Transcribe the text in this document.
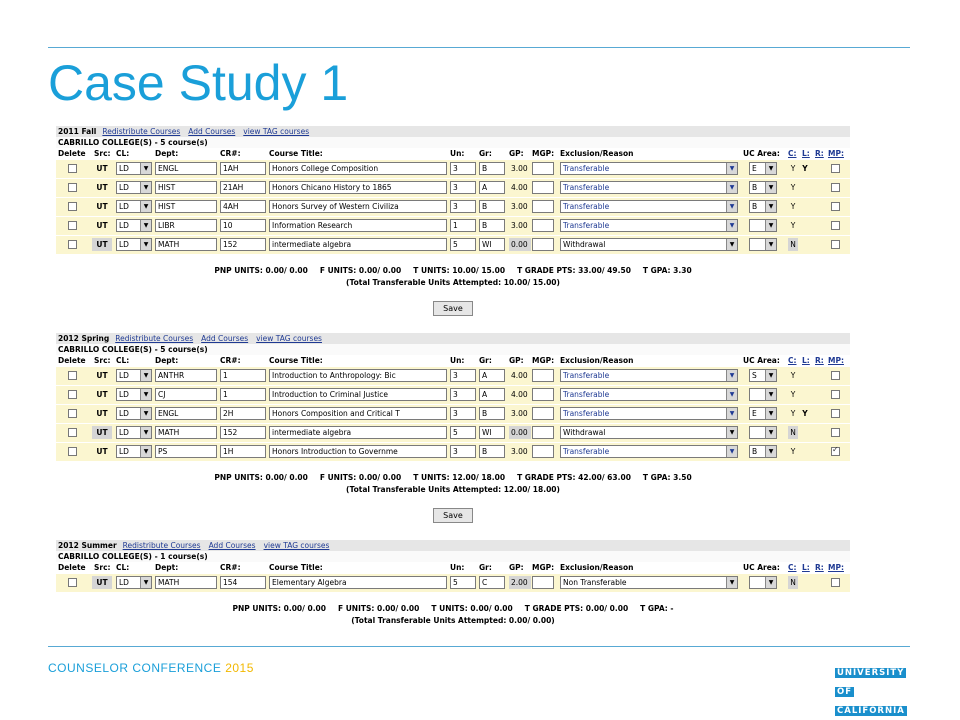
Case Study 1
2011 Fall Redistribute Courses Add Courses view TAG courses
CABRILLO COLLEGE(S) - 5 course(s)
Delete Src: CL:	Dept:	CR#:	Course Title:	Un: Gr: GP: MGP: Exclusion/Reason	UC Area: C: L: R: MP:
UT	LD	▼	ENGL	1AH	Honors College Composition	3	B	3.00	Transferable	▼	E	▼	Y Y
UT	LD	▼	HIST	21AH	Honors Chicano History to 1865	3	A	4.00	Transferable	▼	B	▼	Y
UT	LD	▼	HIST	4AH	Honors Survey of Western Civiliza	3	B	3.00	Transferable	▼	B	▼	Y
UT	LD	▼	LIBR	10	Information Research	1	B	3.00	Transferable	▼	▼	Y
UT	LD	▼	MATH	152	intermediate algebra	5	WI	0.00	Withdrawal	▼	▼	N
PNP UNITS: 0.00/ 0.00 F UNITS: 0.00/ 0.00 T UNITS: 10.00/ 15.00 T GRADE PTS: 33.00/ 49.50 T GPA: 3.30
(Total Transferable Units Attempted: 10.00/ 15.00)
Save
2012 Spring Redistribute Courses Add Courses view TAG courses
CABRILLO COLLEGE(S) - 5 course(s)
Delete Src: CL:	Dept:	CR#:	Course Title:	Un: Gr: GP: MGP: Exclusion/Reason	UC Area: C: L: R: MP:
UT	LD	▼	ANTHR	1	Introduction to Anthropology: Bic	3	A	4.00	Transferable	▼	S	▼	Y
UT	LD	▼	CJ	1	Introduction to Criminal Justice	3	A	4.00	Transferable	▼	▼	Y
UT	LD	▼	ENGL	2H	Honors Composition and Critical T	3	B	3.00	Transferable	▼	E	▼	Y Y
UT	LD	▼	MATH	152	intermediate algebra	5	WI	0.00	Withdrawal	▼	▼	N
UT	LD	▼	PS	1H	Honors Introduction to Governme	3	B	3.00	Transferable	▼	B	▼	Y
✓
PNP UNITS: 0.00/ 0.00 F UNITS: 0.00/ 0.00 T UNITS: 12.00/ 18.00 T GRADE PTS: 42.00/ 63.00 T GPA: 3.50
(Total Transferable Units Attempted: 12.00/ 18.00)
Save
2012 Summer Redistribute Courses Add Courses view TAG courses
CABRILLO COLLEGE(S) - 1 course(s)
Delete Src: CL:	Dept:	CR#:	Course Title:	Un: Gr: GP: MGP: Exclusion/Reason	UC Area: C: L: R: MP:
UT	LD	▼	MATH	154	Elementary Algebra	5	C	2.00	Non Transferable	▼	▼	N
PNP UNITS: 0.00/ 0.00 F UNITS: 0.00/ 0.00 T UNITS: 0.00/ 0.00 T GRADE PTS: 0.00/ 0.00 T GPA: -
(Total Transferable Units Attempted: 0.00/ 0.00)
COUNSELOR CONFERENCE 2015	UNIVERSITY
OF
CALIFORNIA
